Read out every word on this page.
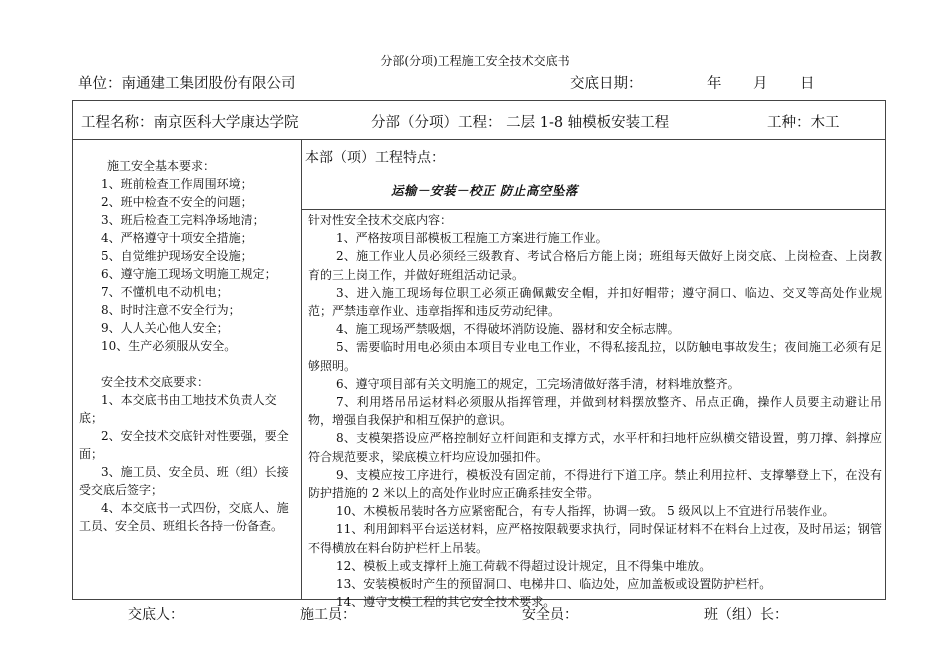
分部(分项)工程施工安全技术交底书
单位：南通建工集团股份有限公司	交底日期：	年 月 日
工程名称：南京医科大学康达学院	分部（分项）工程： 二层 1-8 轴模板安装工程	工种：木工
施工安全基本要求：
1、班前检查工作周围环境；
2、班中检查不安全的问题；
3、班后检查工完料净场地清；
4、严格遵守十项安全措施；
5、自觉维护现场安全设施；
6、遵守施工现场文明施工规定；
7、不懂机电不动机电；
8、时时注意不安全行为；
9、人人关心他人安全；
10、生产必须服从安全。
安全技术交底要求：
1、本交底书由工地技术负责人交底；
2、安全技术交底针对性要强，要全面；
3、施工员、安全员、班（组）长接受交底后签字；
4、本交底书一式四份，交底人、施工员、安全员、班组长各持一份备查。
本部（项）工程特点：
运输－安装－校正 防止高空坠落
针对性安全技术交底内容：
1、严格按项目部模板工程施工方案进行施工作业。
2、施工作业人员必须经三级教育、考试合格后方能上岗；班组每天做好上岗交底、上岗检查、上岗教育的三上岗工作，并做好班组活动记录。
3、进入施工现场每位职工必须正确佩戴安全帽，并扣好帽带；遵守洞口、临边、交叉等高处作业规范；严禁违章作业、违章指挥和违反劳动纪律。
4、施工现场严禁吸烟，不得破坏消防设施、器材和安全标志牌。
5、需要临时用电必须由本项目专业电工作业，不得私接乱拉，以防触电事故发生；夜间施工必须有足够照明。
6、遵守项目部有关文明施工的规定，工完场清做好落手清，材料堆放整齐。
7、利用塔吊吊运材料必须服从指挥管理，并做到材料摆放整齐、吊点正确，操作人员要主动避让吊物，增强自我保护和相互保护的意识。
8、支模架搭设应严格控制好立杆间距和支撑方式，水平杆和扫地杆应纵横交错设置，剪刀撑、斜撑应符合规范要求，梁底模立杆均应设加强扣件。
9、支模应按工序进行，模板没有固定前，不得进行下道工序。禁止利用拉杆、支撑攀登上下，在没有防护措施的 2 米以上的高处作业时应正确系挂安全带。
10、木模板吊装时各方应紧密配合，有专人指挥，协调一致。 5 级风以上不宜进行吊装作业。
11、利用卸料平台运送材料，应严格按限载要求执行，同时保证材料不在料台上过夜，及时吊运；钢管不得横放在料台防护栏杆上吊装。
12、模板上或支撑杆上施工荷载不得超过设计规定，且不得集中堆放。
13、安装模板时产生的预留洞口、电梯井口、临边处，应加盖板或设置防护栏杆。
14、遵守支模工程的其它安全技术要求。
交底人：	施工员：	安全员：	班（组）长：
